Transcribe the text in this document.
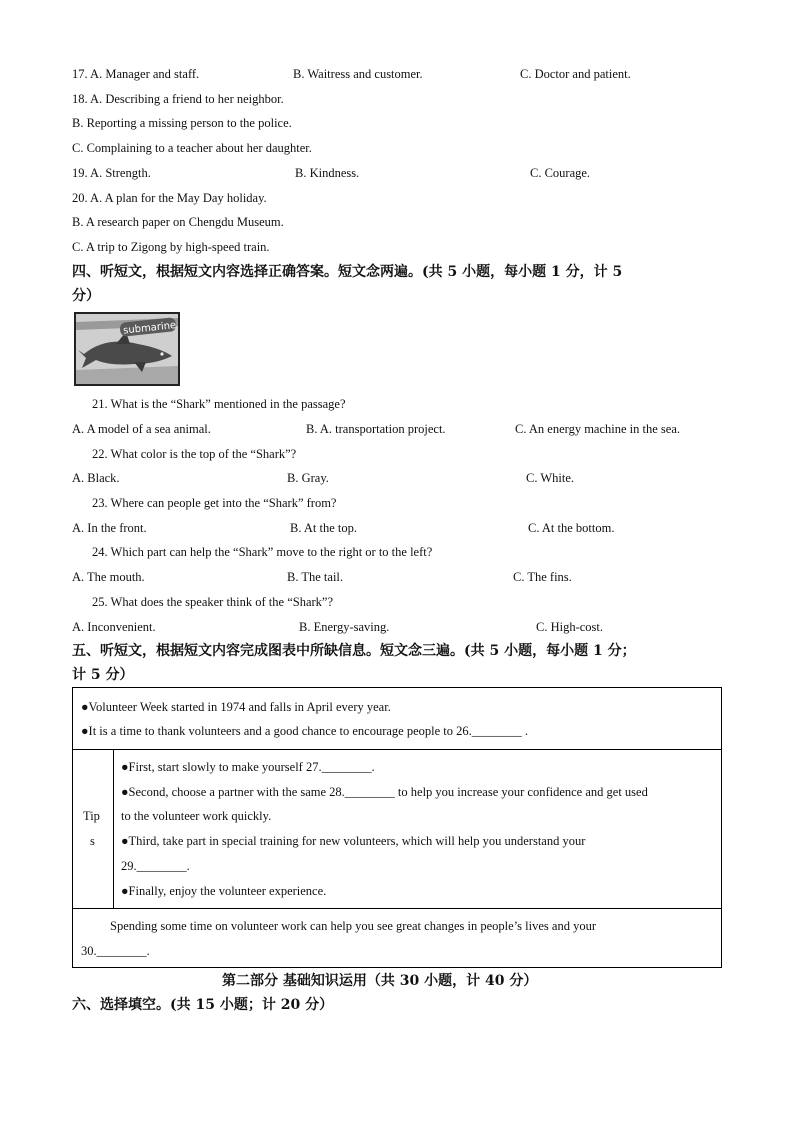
17. A. Manager and staff.	B. Waitress and customer.	C. Doctor and patient.
18. A. Describing a friend to her neighbor.
B. Reporting a missing person to the police.
C. Complaining to a teacher about her daughter.
19. A. Strength.	B. Kindness.	C. Courage.
20. A. A plan for the May Day holiday.
B. A research paper on Chengdu Museum.
C. A trip to Zigong by high-speed train.
四、听短文，根据短文内容选择正确答案。短文念两遍。(共 5 小题，每小题 1 分，计 5
分）
submarine
21. What is the “Shark” mentioned in the passage?
A. A model of a sea animal.	B. A. transportation project.	C. An energy machine in the sea.
22. What color is the top of the “Shark”?
A. Black.	B. Gray.	C. White.
23. Where can people get into the “Shark” from?
A. In the front.	B. At the top.	C. At the bottom.
24. Which part can help the “Shark” move to the right or to the left?
A. The mouth.	B. The tail.	C. The fins.
25. What does the speaker think of the “Shark”?
A. Inconvenient.	B. Energy-saving.	C. High-cost.
五、听短文，根据短文内容完成图表中所缺信息。短文念三遍。(共 5 小题，每小题 1 分；
计 5 分）
●Volunteer Week started in 1974 and falls in April every year.
●It is a time to thank volunteers and a good chance to encourage people to 26.________ .
Tip
s
●First, start slowly to make yourself 27.________.
●Second, choose a partner with the same 28.________ to help you increase your confidence and get used
to the volunteer work quickly.
●Third, take part in special training for new volunteers, which will help you understand your
29.________.
●Finally, enjoy the volunteer experience.
Spending some time on volunteer work can help you see great changes in people’s lives and your
30.________.
第二部分 基础知识运用（共 30 小题，计 40 分）
六、选择填空。(共 15 小题；计 20 分）
